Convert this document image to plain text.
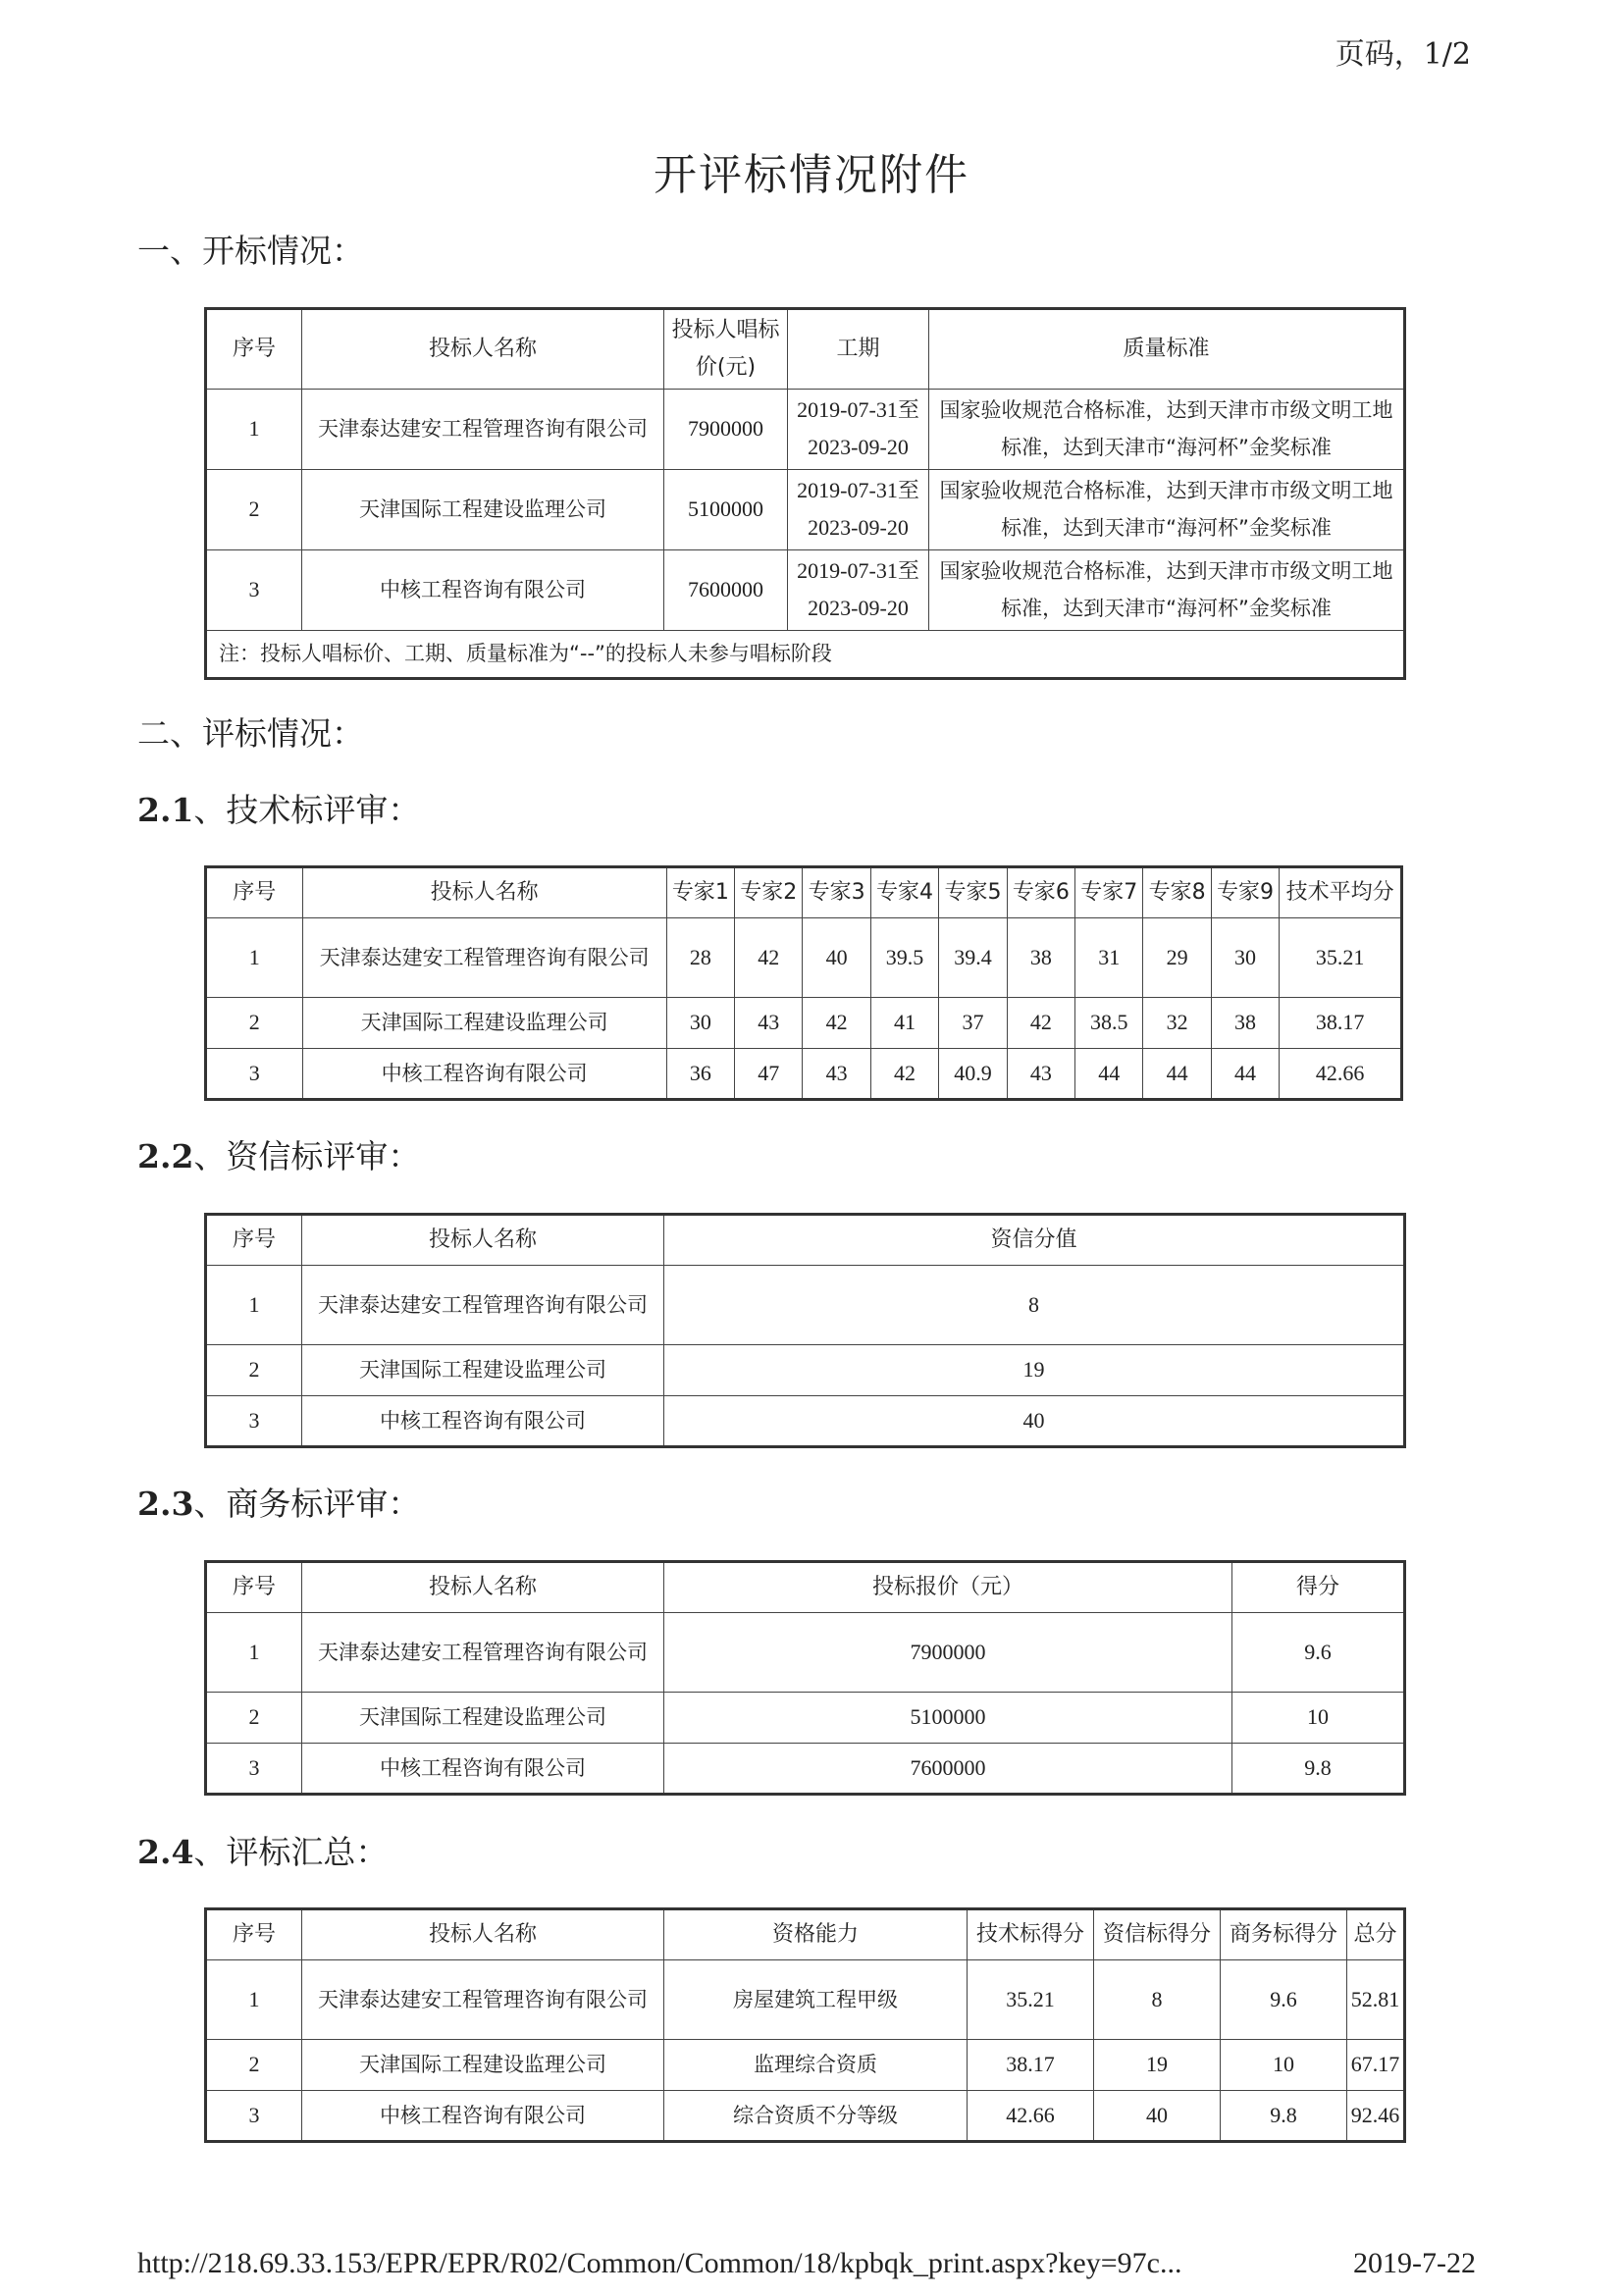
页码，1/2
开评标情况附件
一、开标情况：
序号	投标人名称	投标人唱标价(元)	工期	质量标准
1	天津泰达建安工程管理咨询有限公司	7900000	2019-07-31至2023-09-20	国家验收规范合格标准，达到天津市市级文明工地标准，达到天津市“海河杯”金奖标准
2	天津国际工程建设监理公司	5100000	2019-07-31至2023-09-20	国家验收规范合格标准，达到天津市市级文明工地标准，达到天津市“海河杯”金奖标准
3	中核工程咨询有限公司	7600000	2019-07-31至2023-09-20	国家验收规范合格标准，达到天津市市级文明工地标准，达到天津市“海河杯”金奖标准
注：投标人唱标价、工期、质量标准为“--”的投标人未参与唱标阶段				
二、评标情况：
2.1、技术标评审：
序号	投标人名称	专家1	专家2	专家3	专家4	专家5	专家6	专家7	专家8	专家9	技术平均分
1	天津泰达建安工程管理咨询有限公司	28	42	40	39.5	39.4	38	31	29	30	35.21
2	天津国际工程建设监理公司	30	43	42	41	37	42	38.5	32	38	38.17
3	中核工程咨询有限公司	36	47	43	42	40.9	43	44	44	44	42.66
2.2、资信标评审：
序号	投标人名称	资信分值
1	天津泰达建安工程管理咨询有限公司	8
2	天津国际工程建设监理公司	19
3	中核工程咨询有限公司	40
2.3、商务标评审：
序号	投标人名称	投标报价（元）	得分
1	天津泰达建安工程管理咨询有限公司	7900000	9.6
2	天津国际工程建设监理公司	5100000	10
3	中核工程咨询有限公司	7600000	9.8
2.4、评标汇总：
序号	投标人名称	资格能力	技术标得分	资信标得分	商务标得分	总分
1	天津泰达建安工程管理咨询有限公司	房屋建筑工程甲级	35.21	8	9.6	52.81
2	天津国际工程建设监理公司	监理综合资质	38.17	19	10	67.17
3	中核工程咨询有限公司	综合资质不分等级	42.66	40	9.8	92.46
http://218.69.33.153/EPR/EPR/R02/Common/Common/18/kpbqk_print.aspx?key=97c...	2019-7-22
